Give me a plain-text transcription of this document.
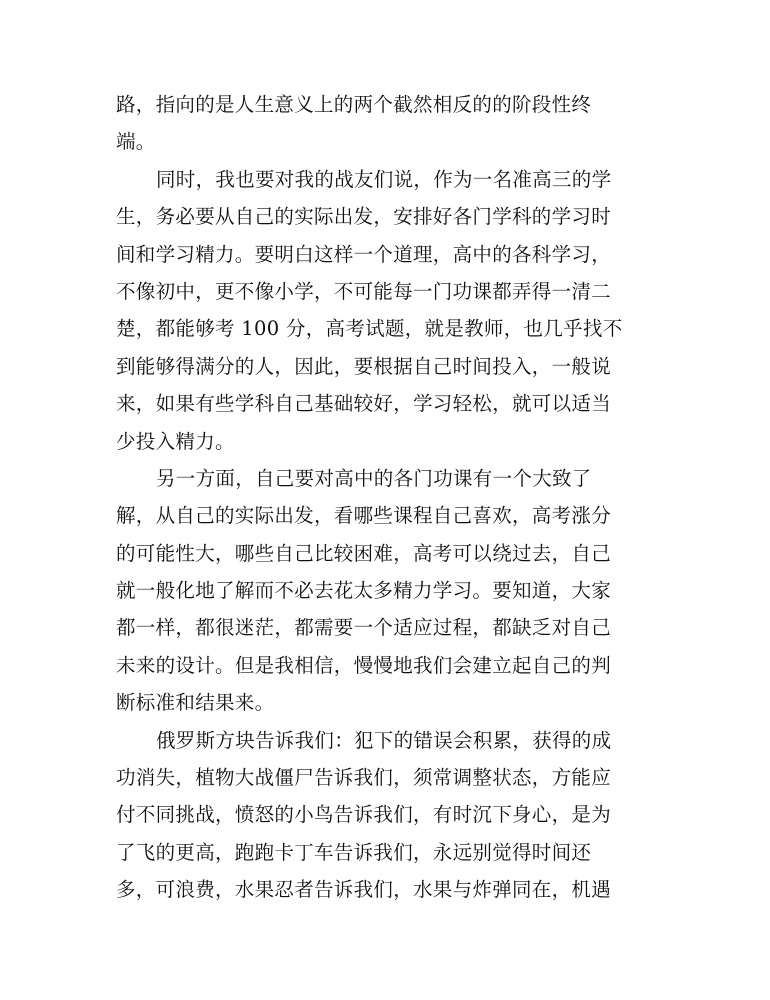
路，指向的是人生意义上的两个截然相反的的阶段性终
端。
同时，我也要对我的战友们说，作为一名准高三的学
生，务必要从自己的实际出发，安排好各门学科的学习时
间和学习精力。要明白这样一个道理，高中的各科学习，
不像初中，更不像小学，不可能每一门功课都弄得一清二
楚，都能够考 100 分，高考试题，就是教师，也几乎找不
到能够得满分的人，因此，要根据自己时间投入，一般说
来，如果有些学科自己基础较好，学习轻松，就可以适当
少投入精力。
另一方面，自己要对高中的各门功课有一个大致了
解，从自己的实际出发，看哪些课程自己喜欢，高考涨分
的可能性大，哪些自己比较困难，高考可以绕过去，自己
就一般化地了解而不必去花太多精力学习。要知道，大家
都一样，都很迷茫，都需要一个适应过程，都缺乏对自己
未来的设计。但是我相信，慢慢地我们会建立起自己的判
断标准和结果来。
俄罗斯方块告诉我们：犯下的错误会积累，获得的成
功消失，植物大战僵尸告诉我们，须常调整状态，方能应
付不同挑战，愤怒的小鸟告诉我们，有时沉下身心，是为
了飞的更高，跑跑卡丁车告诉我们，永远别觉得时间还
多，可浪费，水果忍者告诉我们，水果与炸弹同在，机遇
